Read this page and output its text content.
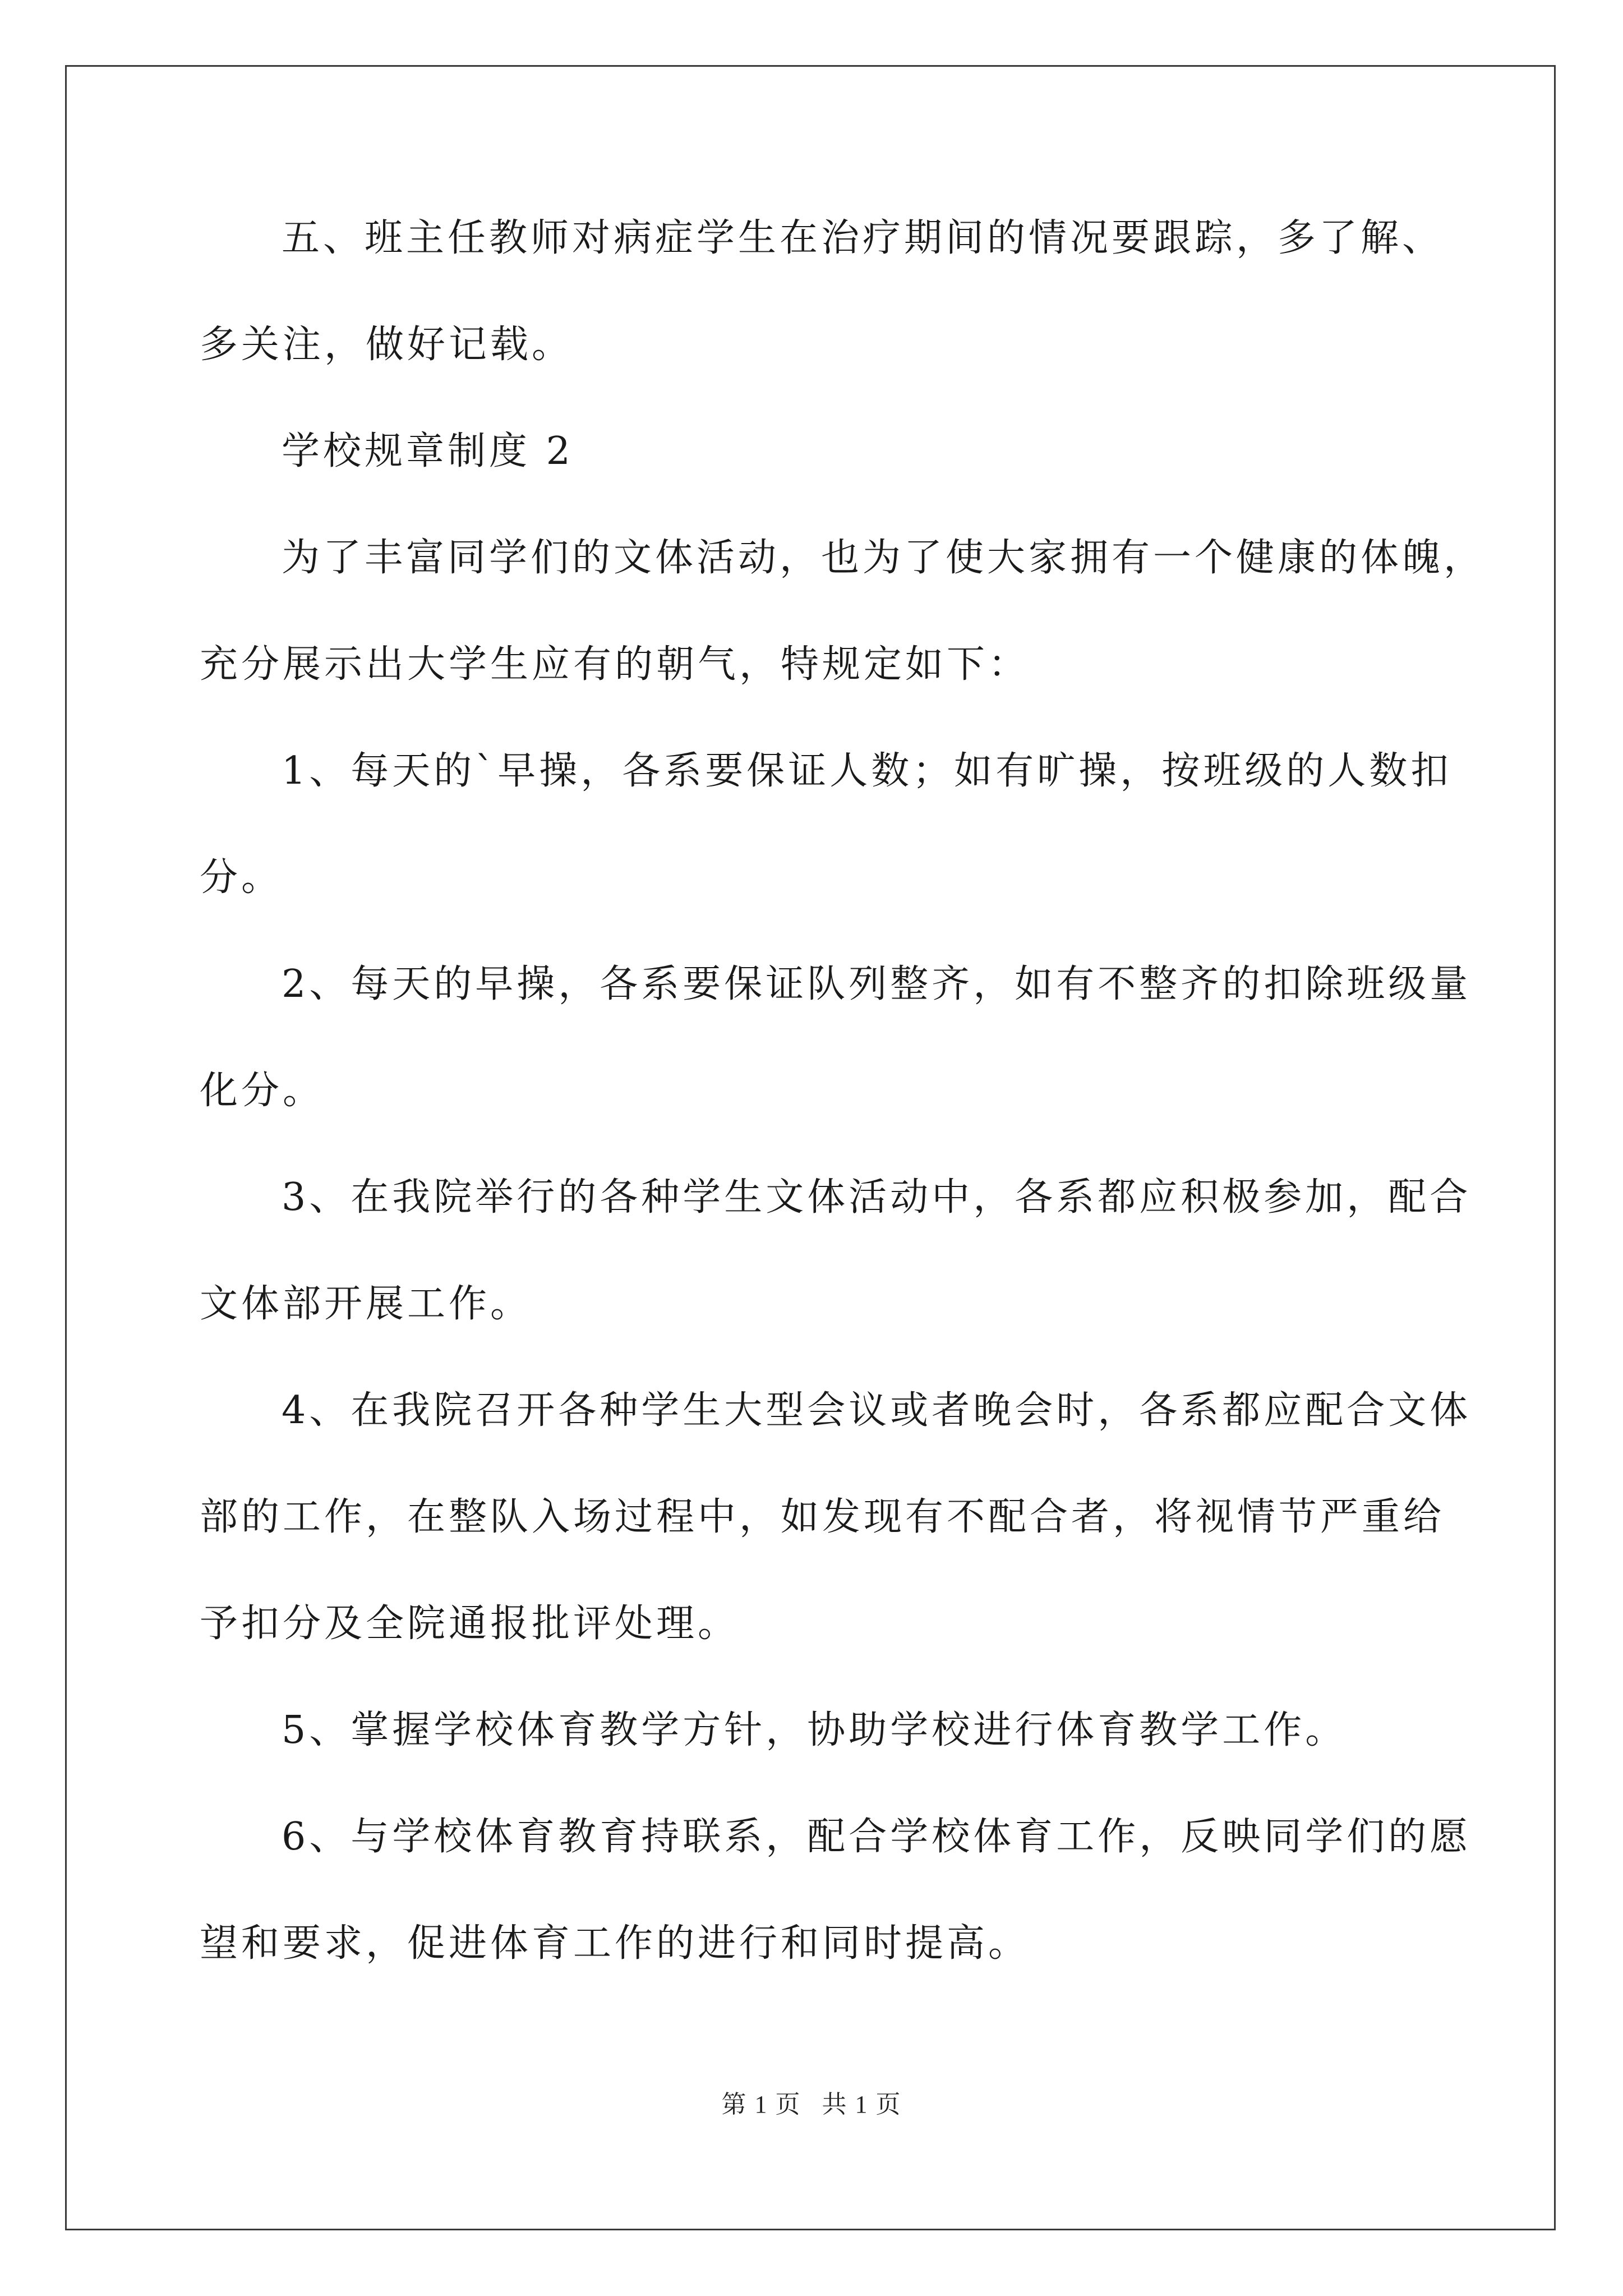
五、班主任教师对病症学生在治疗期间的情况要跟踪，多了解、
多关注，做好记载。

学校规章制度 2

为了丰富同学们的文体活动，也为了使大家拥有一个健康的体魄，
充分展示出大学生应有的朝气，特规定如下：

1、每天的`早操，各系要保证人数；如有旷操，按班级的人数扣
分。

2、每天的早操，各系要保证队列整齐，如有不整齐的扣除班级量
化分。

3、在我院举行的各种学生文体活动中，各系都应积极参加，配合
文体部开展工作。

4、在我院召开各种学生大型会议或者晚会时，各系都应配合文体
部的工作，在整队入场过程中，如发现有不配合者，将视情节严重给
予扣分及全院通报批评处理。

5、掌握学校体育教学方针，协助学校进行体育教学工作。

6、与学校体育教育持联系，配合学校体育工作，反映同学们的愿
望和要求，促进体育工作的进行和同时提高。

第 1 页 共 1 页
